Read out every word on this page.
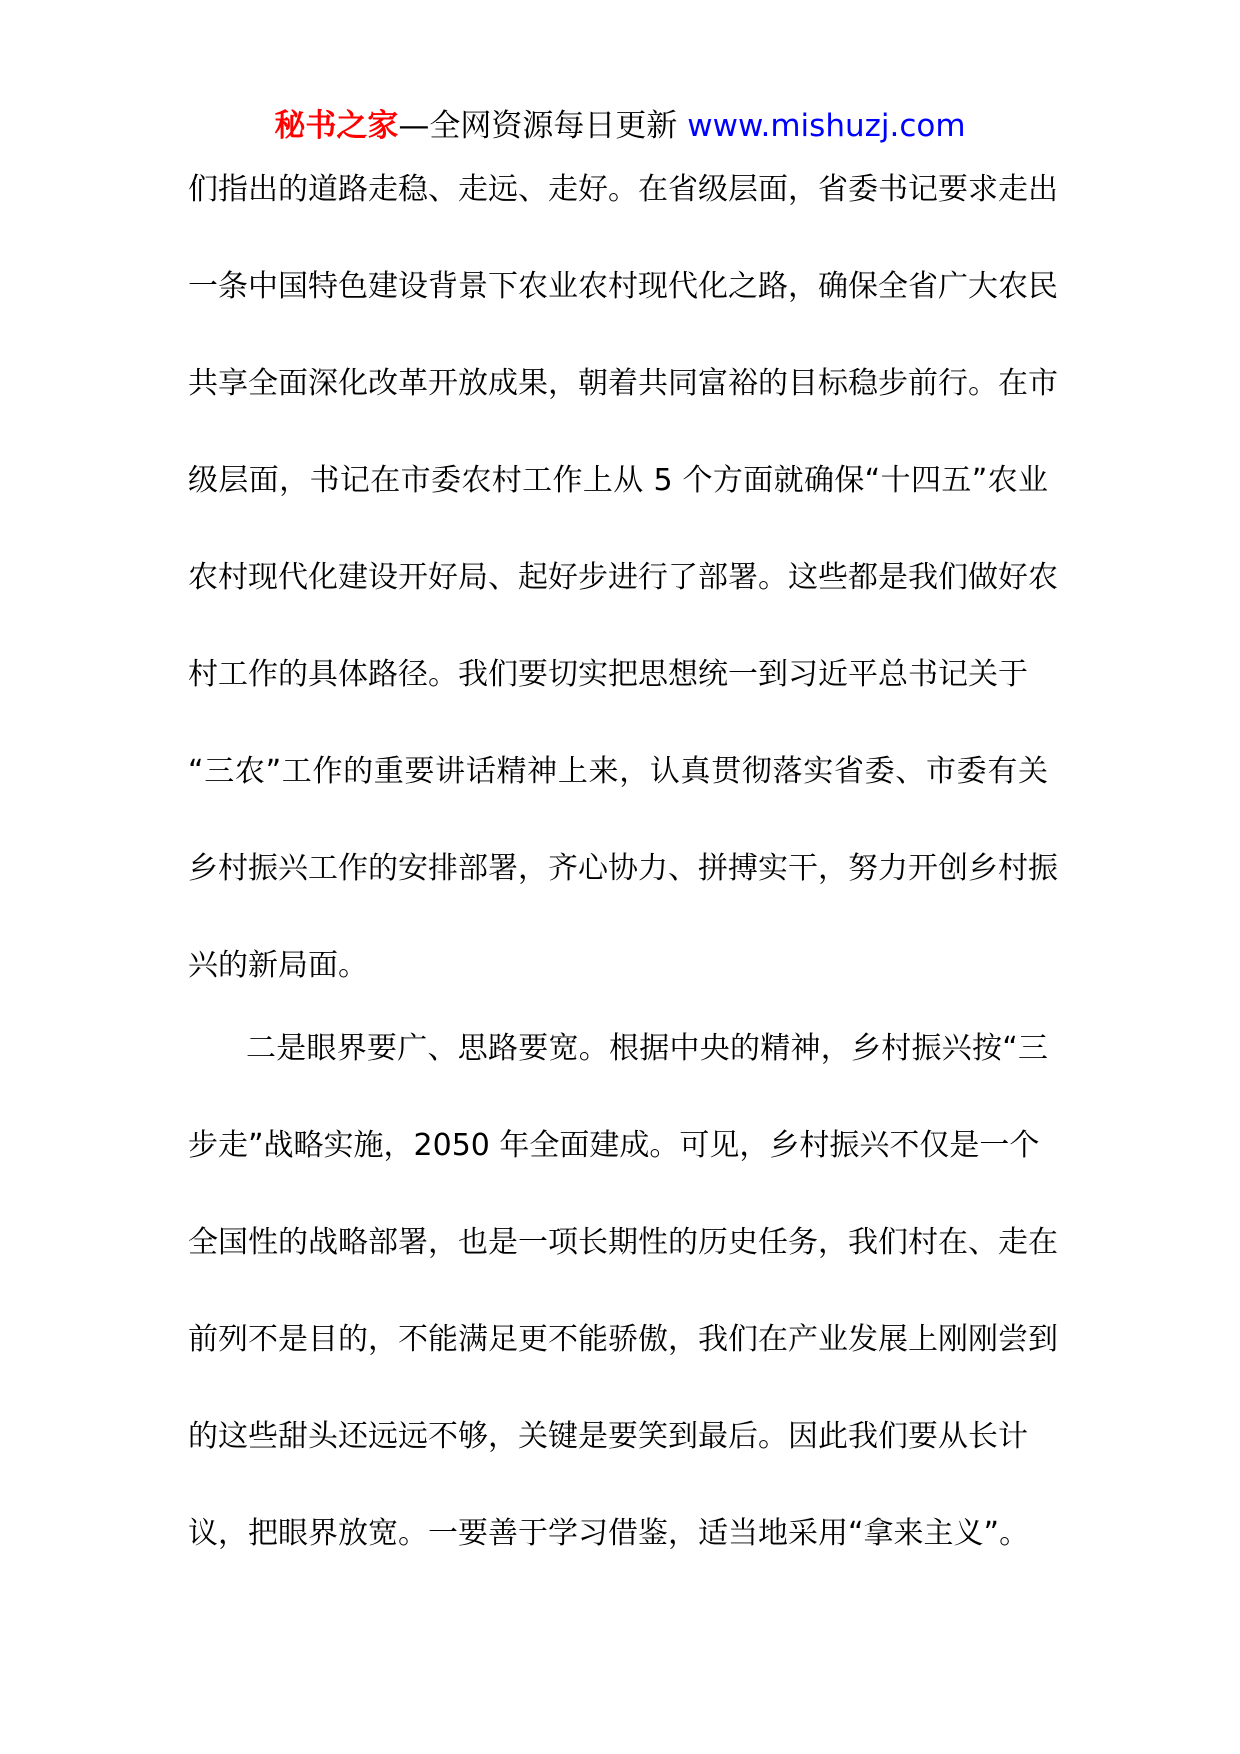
秘书之家—全网资源每日更新 www.mishuzj.com
们指出的道路走稳、走远、走好。在省级层面，省委书记要求走出
一条中国特色建设背景下农业农村现代化之路，确保全省广大农民
共享全面深化改革开放成果，朝着共同富裕的目标稳步前行。在市
级层面，书记在市委农村工作上从 5 个方面就确保“十四五”农业
农村现代化建设开好局、起好步进行了部署。这些都是我们做好农
村工作的具体路径。我们要切实把思想统一到习近平总书记关于
“三农”工作的重要讲话精神上来，认真贯彻落实省委、市委有关
乡村振兴工作的安排部署，齐心协力、拼搏实干，努力开创乡村振
兴的新局面。
二是眼界要广、思路要宽。根据中央的精神，乡村振兴按“三
步走”战略实施，2050 年全面建成。可见，乡村振兴不仅是一个
全国性的战略部署，也是一项长期性的历史任务，我们村在、走在
前列不是目的，不能满足更不能骄傲，我们在产业发展上刚刚尝到
的这些甜头还远远不够，关键是要笑到最后。因此我们要从长计
议，把眼界放宽。一要善于学习借鉴，适当地采用“拿来主义”。
